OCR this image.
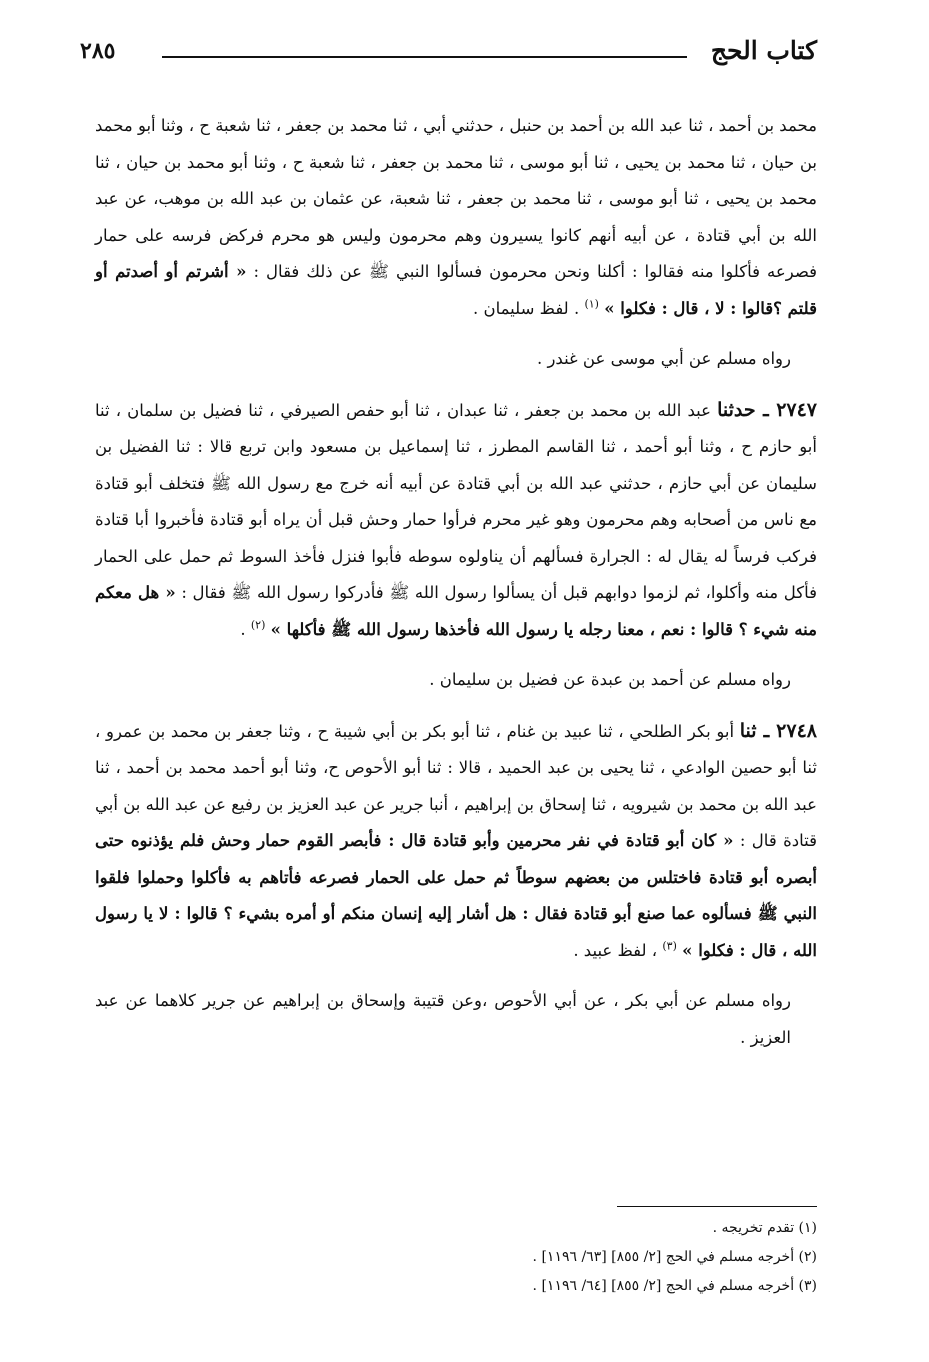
كتاب الحج
٢٨٥

محمد بن أحمد ، ثنا عبد الله بن أحمد بن حنبل ، حدثني أبي ، ثنا محمد بن جعفر ، ثنا شعبة ح ، وثنا أبو محمد بن حيان ، ثنا محمد بن يحيى ، ثنا أبو موسى ، ثنا محمد بن جعفر ، ثنا شعبة ح ، وثنا أبو محمد بن حيان ، ثنا محمد بن يحيى ، ثنا أبو موسى ، ثنا محمد بن جعفر ، ثنا شعبة، عن عثمان بن عبد الله بن موهب، عن عبد الله بن أبي قتادة ، عن أبيه أنهم كانوا يسيرون وهم محرمون وليس هو محرم فركض فرسه على حمار فصرعه فأكلوا منه فقالوا : أكلنا ونحن محرمون فسألوا النبي ﷺ عن ذلك فقال : « أشرتم أو أصدتم أو قلتم ؟قالوا : لا ، قال : فكلوا » $^{(١)}$ . لفظ سليمان .

رواه مسلم عن أبي موسى عن غندر .

٢٧٤٧ ـ حدثنا عبد الله بن محمد بن جعفر ، ثنا عبدان ، ثنا أبو حفص الصيرفي ، ثنا فضيل بن سلمان ، ثنا أبو حازم ح ، وثنا أبو أحمد ، ثنا القاسم المطرز ، ثنا إسماعيل بن مسعود وابن تربع قالا : ثنا الفضيل بن سليمان عن أبي حازم ، حدثني عبد الله بن أبي قتادة عن أبيه أنه خرج مع رسول الله ﷺ فتخلف أبو قتادة مع ناس من أصحابه وهم محرمون وهو غير محرم فرأوا حمار وحش قبل أن يراه أبو قتادة فأخبروا أبا قتادة فركب فرساً له يقال له : الجرارة فسألهم أن يناولوه سوطه فأبوا فنزل فأخذ السوط ثم حمل على الحمار فأكل منه وأكلوا، ثم لزموا دوابهم قبل أن يسألوا رسول الله ﷺ فأدركوا رسول الله ﷺ فقال : « هل معكم منه شيء ؟ قالوا : نعم ، معنا رجله يا رسول الله فأخذها رسول الله ﷺ فأكلها » $^{(٢)}$ .

رواه مسلم عن أحمد بن عبدة عن فضيل بن سليمان .

٢٧٤٨ ـ ثنا أبو بكر الطلحي ، ثنا عبيد بن غنام ، ثنا أبو بكر بن أبي شيبة ح ، وثنا جعفر بن محمد بن عمرو ، ثنا أبو حصين الوادعي ، ثنا يحيى بن عبد الحميد ، قالا : ثنا أبو الأحوص ح، وثنا أبو أحمد محمد بن أحمد ، ثنا عبد الله بن محمد بن شيرويه ، ثنا إسحاق بن إبراهيم ، أنبا جرير عن عبد العزيز بن رفيع عن عبد الله بن أبي قتادة قال : « كان أبو قتادة في نفر محرمين وأبو قتادة قال : فأبصر القوم حمار وحش فلم يؤذنوه حتى أبصره أبو قتادة فاختلس من بعضهم سوطاً ثم حمل على الحمار فصرعه فأتاهم به فأكلوا وحملوا فلقوا النبي ﷺ فسألوه عما صنع أبو قتادة فقال : هل أشار إليه إنسان منكم أو أمره بشيء ؟ قالوا : لا يا رسول الله ، قال : فكلوا » $^{(٣)}$ ، لفظ عبيد .

رواه مسلم عن أبي بكر ، عن أبي الأحوص ،وعن قتيبة وإسحاق بن إبراهيم عن جرير كلاهما عن عبد العزيز .

(١) تقدم تخريجه .

(٢) أخرجه مسلم في الحج [٢/ ٨٥٥] [٦٣/ ١١٩٦] .

(٣) أخرجه مسلم في الحج [٢/ ٨٥٥] [٦٤/ ١١٩٦] .
